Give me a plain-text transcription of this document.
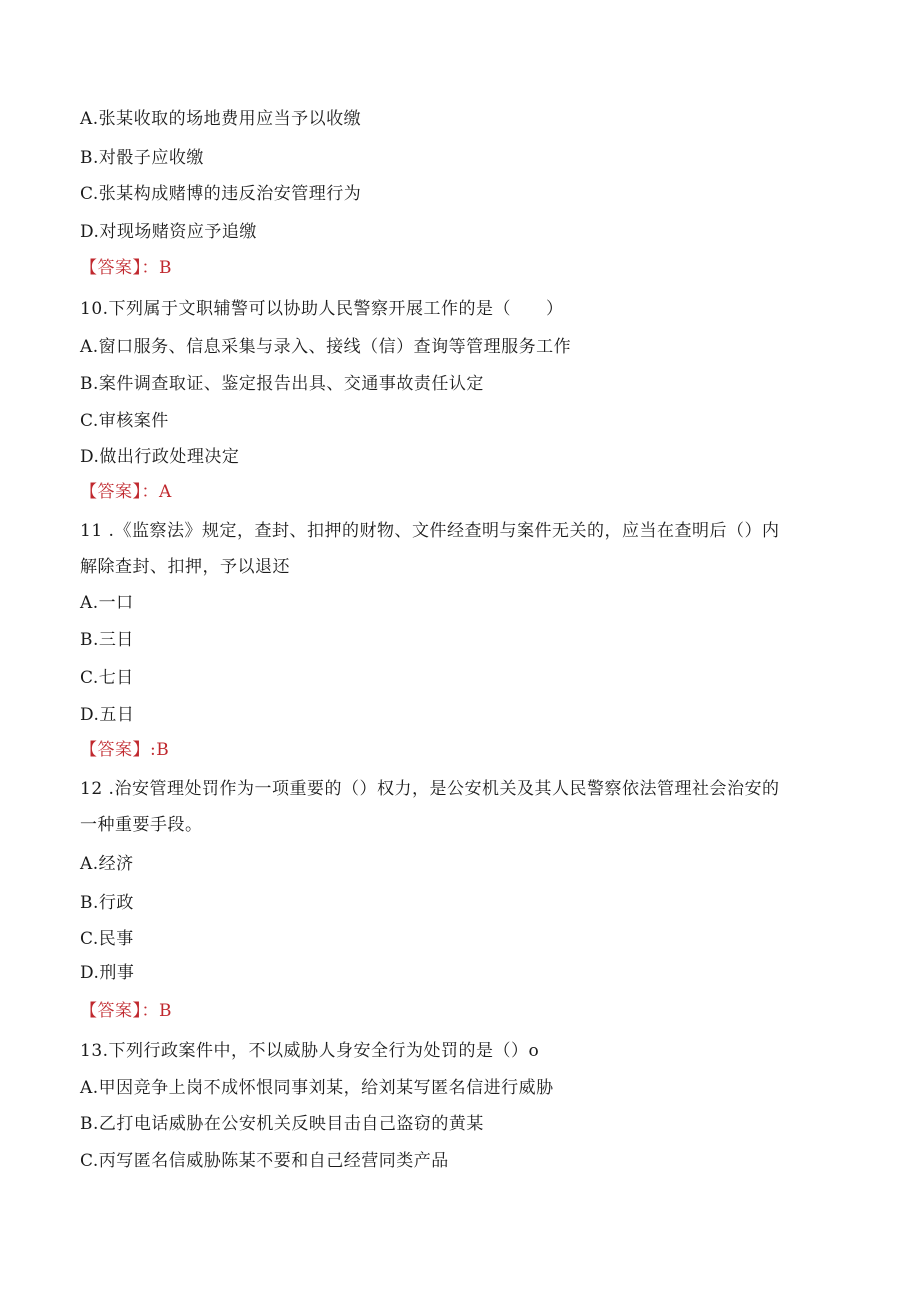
A.张某收取的场地费用应当予以收缴
B.对骰子应收缴
C.张某构成赌博的违反治安管理行为
D.对现场赌资应予追缴
【答案】：B
10.下列属于文职辅警可以协助人民警察开展工作的是（　　）
A.窗口服务、信息采集与录入、接线（信）查询等管理服务工作
B.案件调查取证、鉴定报告出具、交通事故责任认定
C.审核案件
D.做出行政处理决定
【答案】：A
11 .《监察法》规定，查封、扣押的财物、文件经查明与案件无关的，应当在查明后（）内
解除查封、扣押，予以退还
A.一口
B.三日
C.七日
D.五日
【答案】:B
12 .治安管理处罚作为一项重要的（）权力，是公安机关及其人民警察依法管理社会治安的
一种重要手段。
A.经济
B.行政
C.民事
D.刑事
【答案】：B
13.下列行政案件中，不以威胁人身安全行为处罚的是（）o
A.甲因竞争上岗不成怀恨同事刘某，给刘某写匿名信进行威胁
B.乙打电话威胁在公安机关反映目击自己盗窃的黄某
C.丙写匿名信威胁陈某不要和自己经营同类产品
